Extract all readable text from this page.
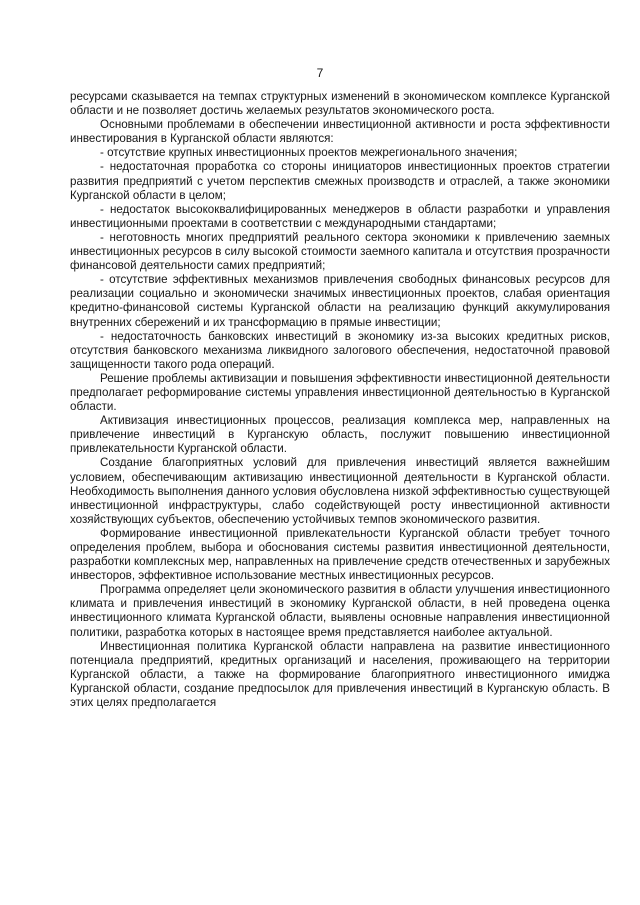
7

ресурсами сказывается на темпах структурных изменений в экономическом комплексе Курганской области и не позволяет достичь желаемых результатов экономического роста.

Основными проблемами в обеспечении инвестиционной активности и роста эффективности инвестирования в Курганской области являются:

- отсутствие крупных инвестиционных проектов межрегионального значения;

- недостаточная проработка со стороны инициаторов инвестиционных проектов стратегии развития предприятий с учетом перспектив смежных производств и отраслей, а также экономики Курганской области в целом;

- недостаток высококвалифицированных менеджеров в области разработки и управления инвестиционными проектами в соответствии с международными стандартами;

- неготовность многих предприятий реального сектора экономики к привлечению заемных инвестиционных ресурсов в силу высокой стоимости заемного капитала и отсутствия прозрачности финансовой деятельности самих предприятий;

- отсутствие эффективных механизмов привлечения свободных финансовых ресурсов для реализации социально и экономически значимых инвестиционных проектов, слабая ориентация кредитно-финансовой системы Курганской области на реализацию функций аккумулирования внутренних сбережений и их трансформацию в прямые инвестиции;

- недостаточность банковских инвестиций в экономику из-за высоких кредитных рисков, отсутствия банковского механизма ликвидного залогового обеспечения, недостаточной правовой защищенности такого рода операций.

Решение проблемы активизации и повышения эффективности инвестиционной деятельности предполагает реформирование системы управления инвестиционной деятельностью в Курганской области.

Активизация инвестиционных процессов, реализация комплекса мер, направленных на привлечение инвестиций в Курганскую область, послужит повышению инвестиционной привлекательности Курганской области.

Создание благоприятных условий для привлечения инвестиций является важнейшим условием, обеспечивающим активизацию инвестиционной деятельности в Курганской области. Необходимость выполнения данного условия обусловлена низкой эффективностью существующей инвестиционной инфраструктуры, слабо содействующей росту инвестиционной активности хозяйствующих субъектов, обеспечению устойчивых темпов экономического развития.

Формирование инвестиционной привлекательности Курганской области требует точного определения проблем, выбора и обоснования системы развития инвестиционной деятельности, разработки комплексных мер, направленных на привлечение средств отечественных и зарубежных инвесторов, эффективное использование местных инвестиционных ресурсов.

Программа определяет цели экономического развития в области улучшения инвестиционного климата и привлечения инвестиций в экономику Курганской области, в ней проведена оценка инвестиционного климата Курганской области, выявлены основные направления инвестиционной политики, разработка которых в настоящее время представляется наиболее актуальной.

Инвестиционная политика Курганской области направлена на развитие инвестиционного потенциала предприятий, кредитных организаций и населения, проживающего на территории Курганской области, а также на формирование благоприятного инвестиционного имиджа Курганской области, создание предпосылок для привлечения инвестиций в Курганскую область. В этих целях предполагается
